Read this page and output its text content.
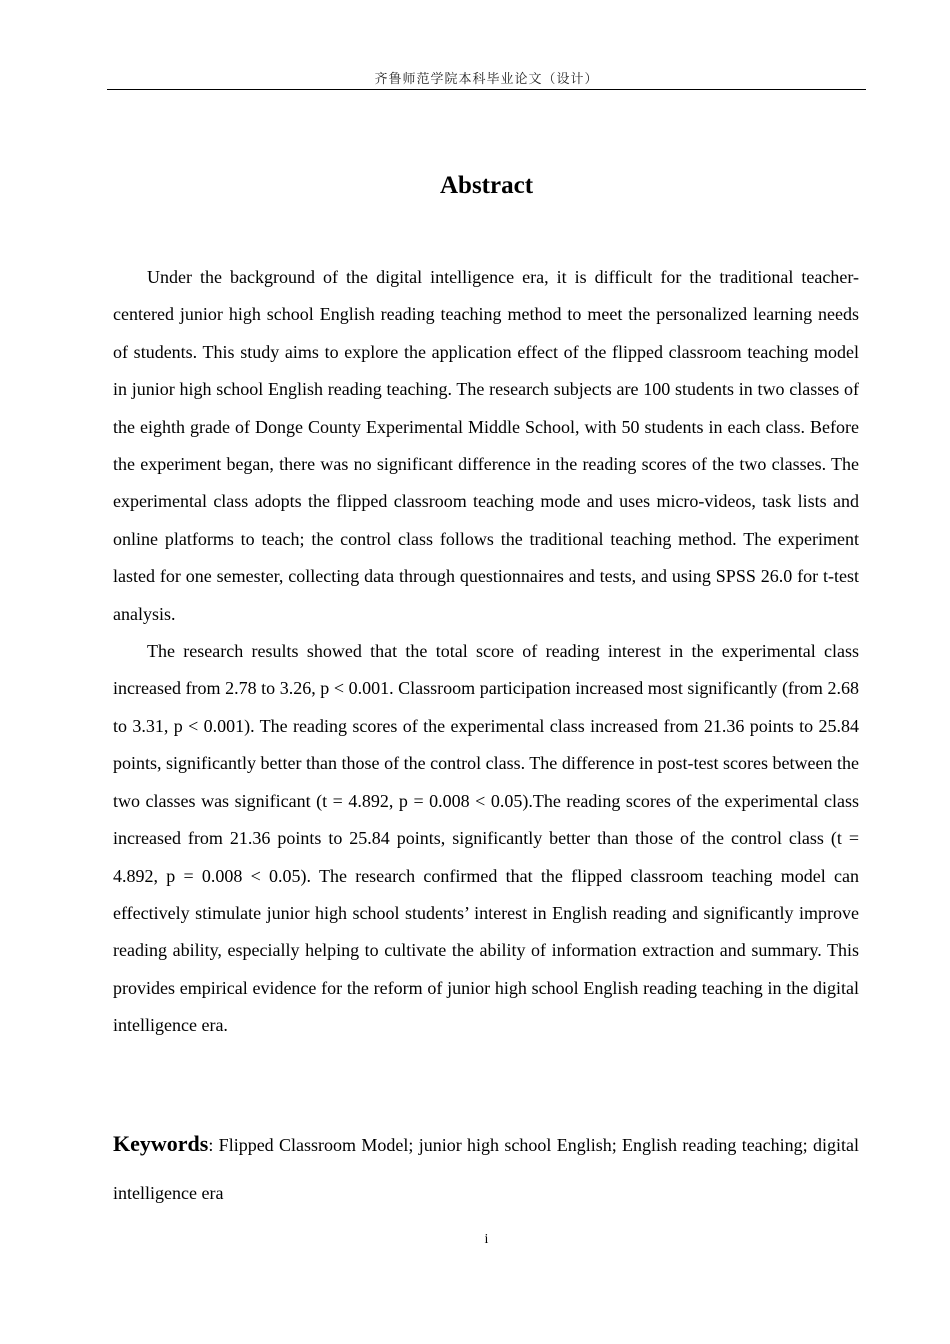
齐鲁师范学院本科毕业论文（设计）
Abstract

Under the background of the digital intelligence era, it is difficult for the traditional teacher-centered junior high school English reading teaching method to meet the personalized learning needs of students. This study aims to explore the application effect of the flipped classroom teaching model in junior high school English reading teaching. The research subjects are 100 students in two classes of the eighth grade of Donge County Experimental Middle School, with 50 students in each class. Before the experiment began, there was no significant difference in the reading scores of the two classes. The experimental class adopts the flipped classroom teaching mode and uses micro-videos, task lists and online platforms to teach; the control class follows the traditional teaching method. The experiment lasted for one semester, collecting data through questionnaires and tests, and using SPSS 26.0 for t-test analysis.

The research results showed that the total score of reading interest in the experimental class increased from 2.78 to 3.26, p < 0.001. Classroom participation increased most significantly (from 2.68 to 3.31, p < 0.001). The reading scores of the experimental class increased from 21.36 points to 25.84 points, significantly better than those of the control class. The difference in post-test scores between the two classes was significant (t = 4.892, p = 0.008 < 0.05).The reading scores of the experimental class increased from 21.36 points to 25.84 points, significantly better than those of the control class (t = 4.892, p = 0.008 < 0.05). The research confirmed that the flipped classroom teaching model can effectively stimulate junior high school students’ interest in English reading and significantly improve reading ability, especially helping to cultivate the ability of information extraction and summary. This provides empirical evidence for the reform of junior high school English reading teaching in the digital intelligence era.

Keywords: Flipped Classroom Model; junior high school English; English reading teaching; digital intelligence era

i
